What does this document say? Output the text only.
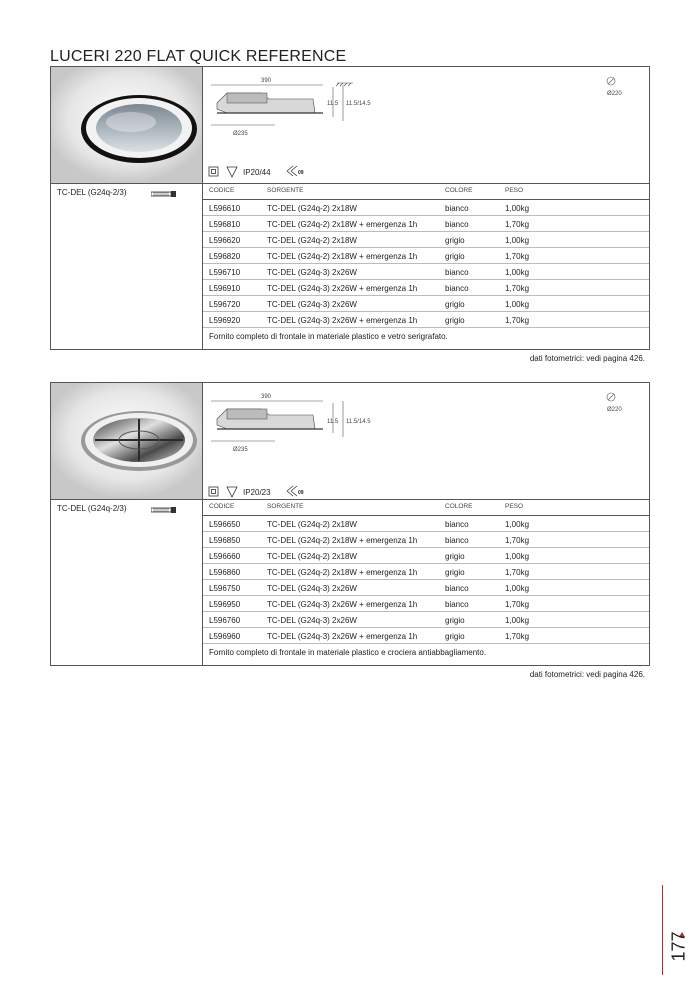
LUCERI 220 FLAT QUICK REFERENCE
390
Ø235
11.5 11.5/14.5
Ø220
IP20/44	09
TC-DEL (G24q-2/3)	CODICE	SORGENTE	COLORE	PESO
L596610	TC-DEL (G24q-2) 2x18W	bianco	1,00kg
L596810	TC-DEL (G24q-2) 2x18W + emergenza 1h	bianco	1,70kg
L596620	TC-DEL (G24q-2) 2x18W	grigio	1,00kg
L596820	TC-DEL (G24q-2) 2x18W + emergenza 1h	grigio	1,70kg
L596710	TC-DEL (G24q-3) 2x26W	bianco	1,00kg
L596910	TC-DEL (G24q-3) 2x26W + emergenza 1h	bianco	1,70kg
L596720	TC-DEL (G24q-3) 2x26W	grigio	1,00kg
L596920	TC-DEL (G24q-3) 2x26W + emergenza 1h	grigio	1,70kg
Fornito completo di frontale in materiale plastico e vetro serigrafato.
dati fotometrici: vedi pagina 426.
390
Ø235
11.5 11.5/14.5
Ø220
IP20/23	09
TC-DEL (G24q-2/3)	CODICE	SORGENTE	COLORE	PESO
L596650	TC-DEL (G24q-2) 2x18W	bianco	1,00kg
L596850	TC-DEL (G24q-2) 2x18W + emergenza 1h	bianco	1,70kg
L596660	TC-DEL (G24q-2) 2x18W	grigio	1,00kg
L596860	TC-DEL (G24q-2) 2x18W + emergenza 1h	grigio	1,70kg
L596750	TC-DEL (G24q-3) 2x26W	bianco	1,00kg
L596950	TC-DEL (G24q-3) 2x26W + emergenza 1h	bianco	1,70kg
L596760	TC-DEL (G24q-3) 2x26W	grigio	1,00kg
L596960	TC-DEL (G24q-3) 2x26W + emergenza 1h	grigio	1,70kg
Fornito completo di frontale in materiale plastico e crociera antiabbagliamento.
dati fotometrici: vedi pagina 426.
177
